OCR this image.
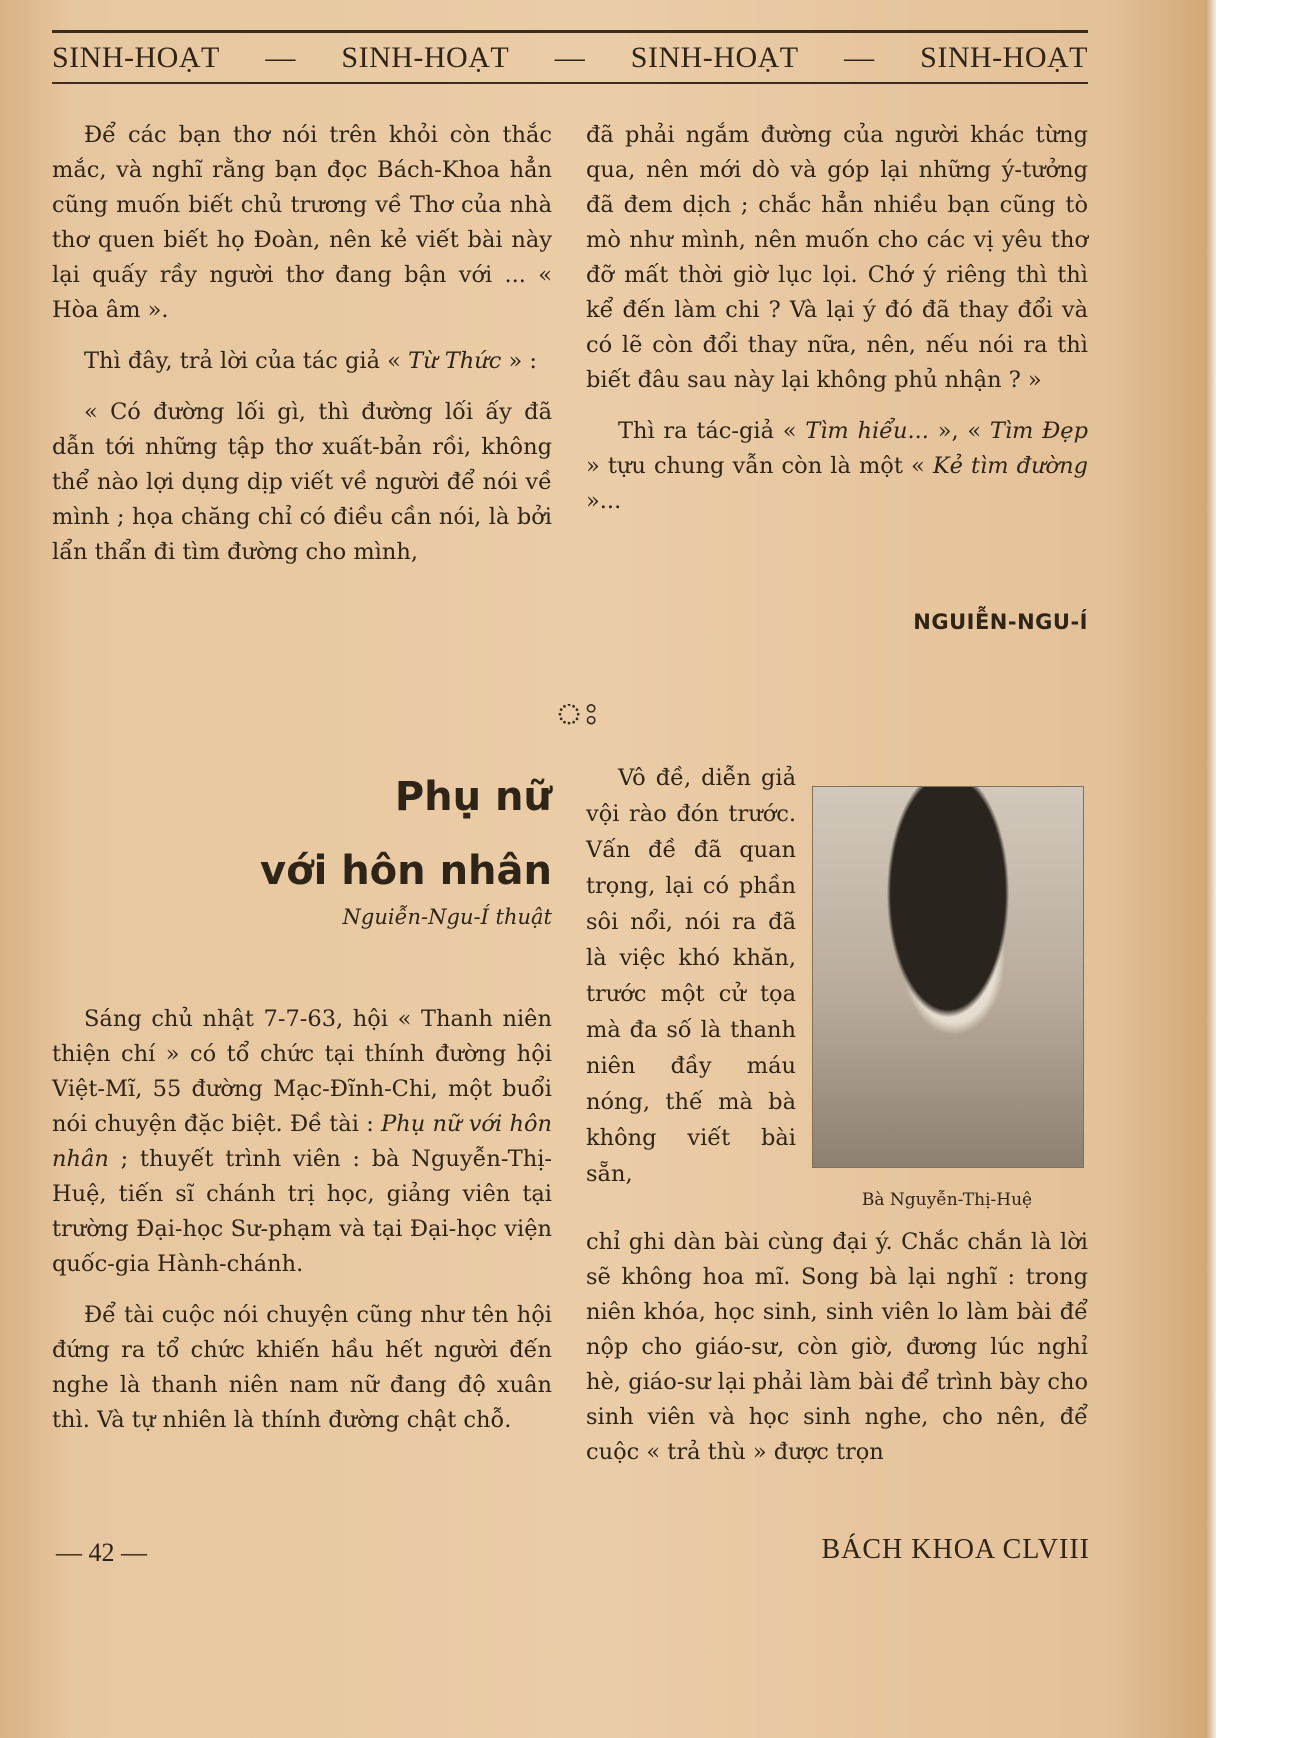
SINH-HOẠT — SINH-HOẠT — SINH-HOẠT — SINH-HOẠT

Để các bạn thơ nói trên khỏi còn thắc mắc, và nghĩ rằng bạn đọc Bách-Khoa hẳn cũng muốn biết chủ trương về Thơ của nhà thơ quen biết họ Đoàn, nên kẻ viết bài này lại quấy rầy người thơ đang bận với ... « Hòa âm ».

Thì đây, trả lời của tác giả « Từ Thức » :

« Có đường lối gì, thì đường lối ấy đã dẫn tới những tập thơ xuất-bản rồi, không thể nào lợi dụng dịp viết về người để nói về mình ; họa chăng chỉ có điều cần nói, là bởi lẩn thẩn đi tìm đường cho mình,

đã phải ngắm đường của người khác từng qua, nên mới dò và góp lại những ý-tưởng đã đem dịch ; chắc hẳn nhiều bạn cũng tò mò như mình, nên muốn cho các vị yêu thơ đỡ mất thời giờ lục lọi. Chớ ý riêng thì thì kể đến làm chi ? Và lại ý đó đã thay đổi và có lẽ còn đổi thay nữa, nên, nếu nói ra thì biết đâu sau này lại không phủ nhận ? »

Thì ra tác-giả « Tìm hiểu... », « Tìm Đẹp » tựu chung vẫn còn là một « Kẻ tìm đường »...

NGUIỄN-NGU-Í
ঃ
Phụ nữ
với hôn nhân
Nguiễn-Ngu-Í thuật

Sáng chủ nhật 7-7-63, hội « Thanh niên thiện chí » có tổ chức tại thính đường hội Việt-Mĩ, 55 đường Mạc-Đĩnh-Chi, một buổi nói chuyện đặc biệt. Đề tài : Phụ nữ với hôn nhân ; thuyết trình viên : bà Nguyễn-Thị-Huệ, tiến sĩ chánh trị học, giảng viên tại trường Đại-học Sư-phạm và tại Đại-học viện quốc-gia Hành-chánh.

Để tài cuộc nói chuyện cũng như tên hội đứng ra tổ chức khiến hầu hết người đến nghe là thanh niên nam nữ đang độ xuân thì. Và tự nhiên là thính đường chật chỗ.

Vô đề, diễn giả vội rào đón trước. Vấn đề đã quan trọng, lại có phần sôi nổi, nói ra đã là việc khó khăn, trước một cử tọa mà đa số là thanh niên đầy máu nóng, thế mà bà không viết bài sẵn,

Bà Nguyễn-Thị-Huệ

chỉ ghi dàn bài cùng đại ý. Chắc chắn là lời sẽ không hoa mĩ. Song bà lại nghĩ : trong niên khóa, học sinh, sinh viên lo làm bài để nộp cho giáo-sư, còn giờ, đương lúc nghỉ hè, giáo-sư lại phải làm bài để trình bày cho sinh viên và học sinh nghe, cho nên, để cuộc « trả thù » được trọn

— 42 —	BÁCH KHOA CLVIII
